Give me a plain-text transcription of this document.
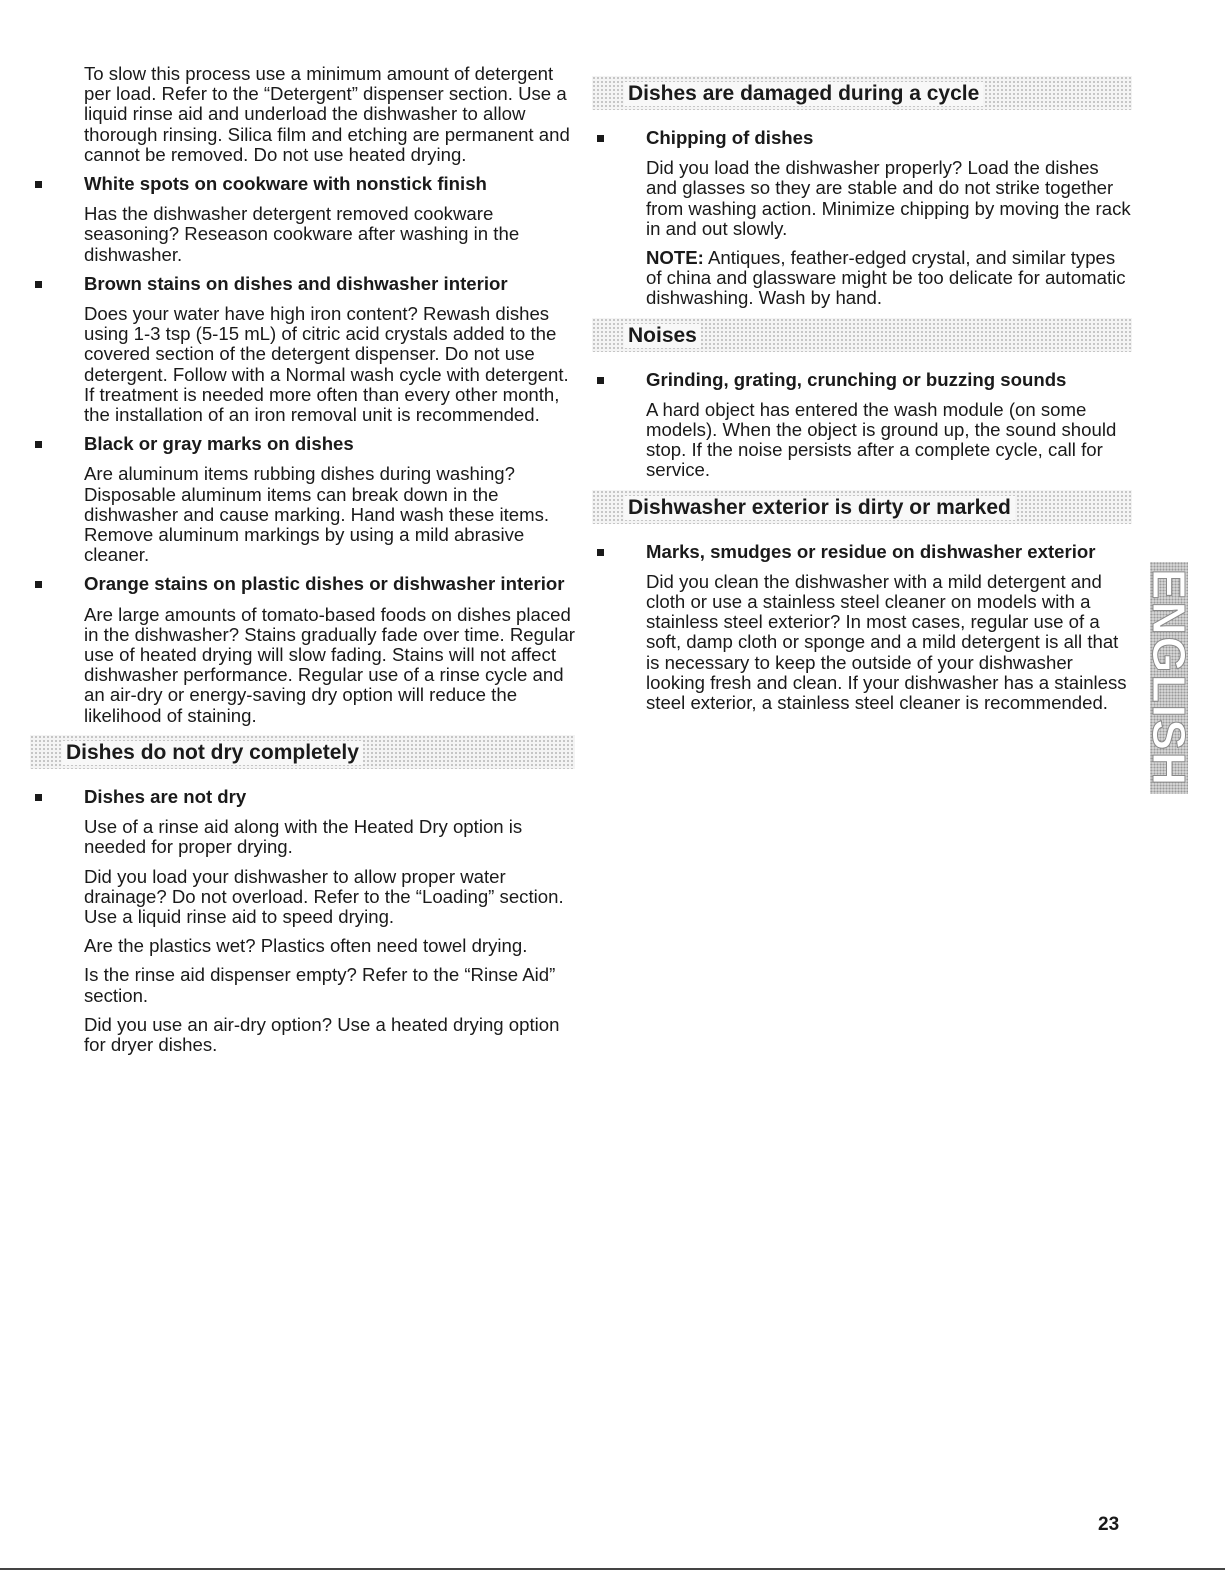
To slow this process use a minimum amount of detergent per load. Refer to the “Detergent” dispenser section. Use a liquid rinse aid and underload the dishwasher to allow thorough rinsing. Silica film and etching are permanent and cannot be removed. Do not use heated drying.

White spots on cookware with nonstick finish

Has the dishwasher detergent removed cookware seasoning? Reseason cookware after washing in the dishwasher.

Brown stains on dishes and dishwasher interior

Does your water have high iron content? Rewash dishes using 1-3 tsp (5-15 mL) of citric acid crystals added to the covered section of the detergent dispenser. Do not use detergent. Follow with a Normal wash cycle with detergent. If treatment is needed more often than every other month, the installation of an iron removal unit is recommended.

Black or gray marks on dishes

Are aluminum items rubbing dishes during washing? Disposable aluminum items can break down in the dishwasher and cause marking. Hand wash these items. Remove aluminum markings by using a mild abrasive cleaner.

Orange stains on plastic dishes or dishwasher interior

Are large amounts of tomato-based foods on dishes placed in the dishwasher? Stains gradually fade over time. Regular use of heated drying will slow fading. Stains will not affect dishwasher performance. Regular use of a rinse cycle and an air-dry or energy-saving dry option will reduce the likelihood of staining.

Dishes do not dry completely
Dishes are not dry

Use of a rinse aid along with the Heated Dry option is needed for proper drying.

Did you load your dishwasher to allow proper water drainage? Do not overload. Refer to the “Loading” section. Use a liquid rinse aid to speed drying.

Are the plastics wet? Plastics often need towel drying.

Is the rinse aid dispenser empty? Refer to the “Rinse Aid” section.

Did you use an air-dry option? Use a heated drying option for dryer dishes.

Dishes are damaged during a cycle
Chipping of dishes

Did you load the dishwasher properly? Load the dishes and glasses so they are stable and do not strike together from washing action. Minimize chipping by moving the rack in and out slowly.

NOTE: Antiques, feather-edged crystal, and similar types of china and glassware might be too delicate for automatic dishwashing. Wash by hand.

Noises
Grinding, grating, crunching or buzzing sounds

A hard object has entered the wash module (on some models). When the object is ground up, the sound should stop. If the noise persists after a complete cycle, call for service.

Dishwasher exterior is dirty or marked
Marks, smudges or residue on dishwasher exterior

Did you clean the dishwasher with a mild detergent and cloth or use a stainless steel cleaner on models with a stainless steel exterior? In most cases, regular use of a soft, damp cloth or sponge and a mild detergent is all that is necessary to keep the outside of your dishwasher looking fresh and clean. If your dishwasher has a stainless steel exterior, a stainless steel cleaner is recommended. ENGLISH
23
